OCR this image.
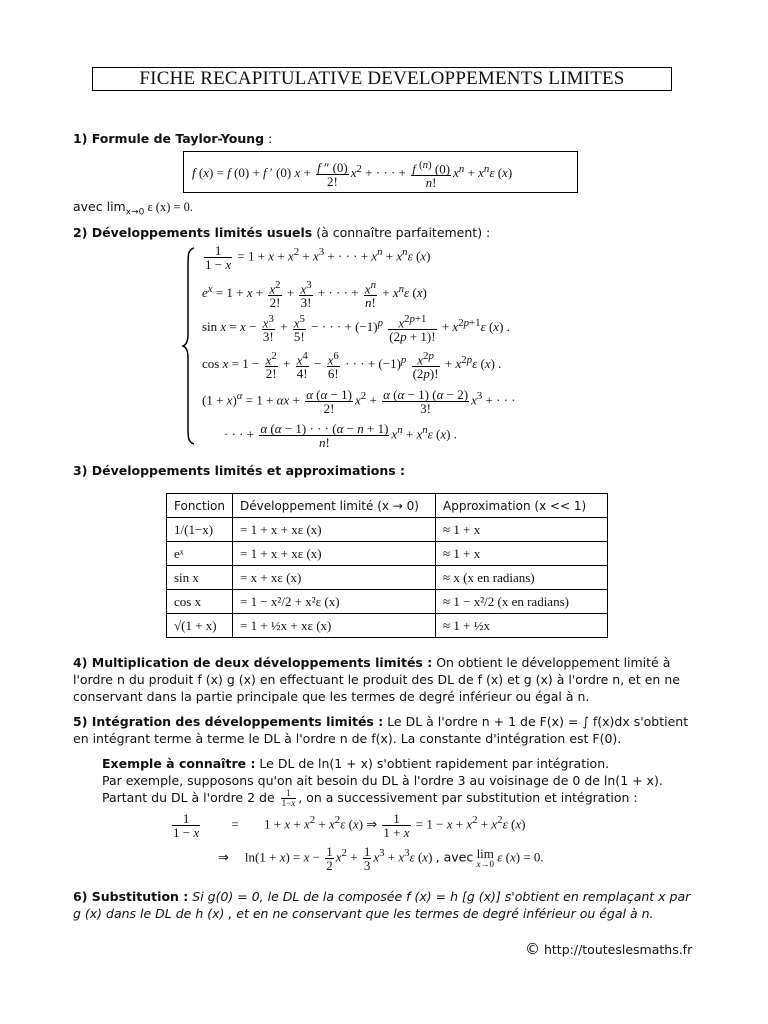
FICHE RECAPITULATIVE DEVELOPPEMENTS LIMITES
1) Formule de Taylor-Young :
f (x) = f (0) + f ′ (0) $x + \frac{f '' (0)}{2!} x^2$ + · · · + $\frac{f ^{(n)} (0)}{n!} x^n + x^n\varepsilon$ (x)
avec $\lim_{x\to 0} \varepsilon$ (x) = 0.
2) Développements limités usuels (à connaître parfaitement) :
$\frac{1}{1 - x} = 1 + x + x^2 + x^3$ + · · · + $x^n + x^n\varepsilon$ (x)
$e^x = 1 + x + \frac{x^2}{2!} + \frac{x^3}{3!}$ + · · · + $\frac{x^n}{n!} + x^n\varepsilon$ (x)
$\sin x = x - \frac{x^3}{3!} + \frac{x^5}{5!}$ − · · · + $(-1)^p \frac{x^{2p+1}}{(2p + 1)!} + x^{2p+1}\varepsilon$ (x) .
$\cos x = 1 - \frac{x^2}{2!} + \frac{x^4}{4!} - \frac{x^6}{6!}$ · · · + $(-1)^p \frac{x^{2p}}{(2p)!} + x^{2p}\varepsilon$ (x) .
$(1 + x)^\alpha = 1 + \alpha x + \frac{\alpha (\alpha - 1)}{2!} x^2 + \frac{\alpha (\alpha - 1) (\alpha - 2)}{3!} x^3$ + · · ·
· · · + $\frac{\alpha (\alpha - 1) \cdot \cdot \cdot (\alpha - n + 1)}{n!} x^n + x^n\varepsilon$ (x) .
3) Développements limités et approximations :
Fonction	Développement limité (x → 0)	Approximation (x << 1)
1/(1−x)	= 1 + x + xε (x)	≈ 1 + x
eˣ	= 1 + x + xε (x)	≈ 1 + x
sin x	= x + xε (x)	≈ x (x en radians)
cos x	= 1 − x²/2 + x²ε (x)	≈ 1 − x²/2 (x en radians)
√(1 + x)	= 1 + ½x + xε (x)	≈ 1 + ½x
4) Multiplication de deux développements limités : On obtient le développement limité à
l'ordre n du produit f (x) g (x) en effectuant le produit des DL de f (x) et g (x) à l'ordre n, et en ne
conservant dans la partie principale que les termes de degré inférieur ou égal à n.
5) Intégration des développements limités : Le DL à l'ordre n + 1 de F(x) = ∫ f(x)dx s'obtient
en intégrant terme à terme le DL à l'ordre n de f(x). La constante d'intégration est F(0).
Exemple à connaître : Le DL de ln(1 + x) s'obtient rapidement par intégration.
Par exemple, supposons qu'on ait besoin du DL à l'ordre 3 au voisinage de 0 de ln(1 + x).
Partant du DL à l'ordre 2 de $\frac{1}{1-x}$ , on a successivement par substitution et intégration :
$\frac{1}{1 - x} = 1 + x + x^2 + x^2\varepsilon$ (x) ⇒ $\frac{1}{1 + x} = 1 - x + x^2 + x^2\varepsilon$ (x)
⇒ $\ln(1 + x) = x - \frac{1}{2} x^2 + \frac{1}{3} x^3 + x^3\varepsilon$ (x) , avec lim
x→0 ε (x) = 0.
6) Substitution : Si g(0) = 0, le DL de la composée f (x) = h [g (x)] s'obtient en remplaçant x par
g (x) dans le DL de h (x) , et en ne conservant que les termes de degré inférieur ou égal à n.
© http://touteslesmaths.fr
